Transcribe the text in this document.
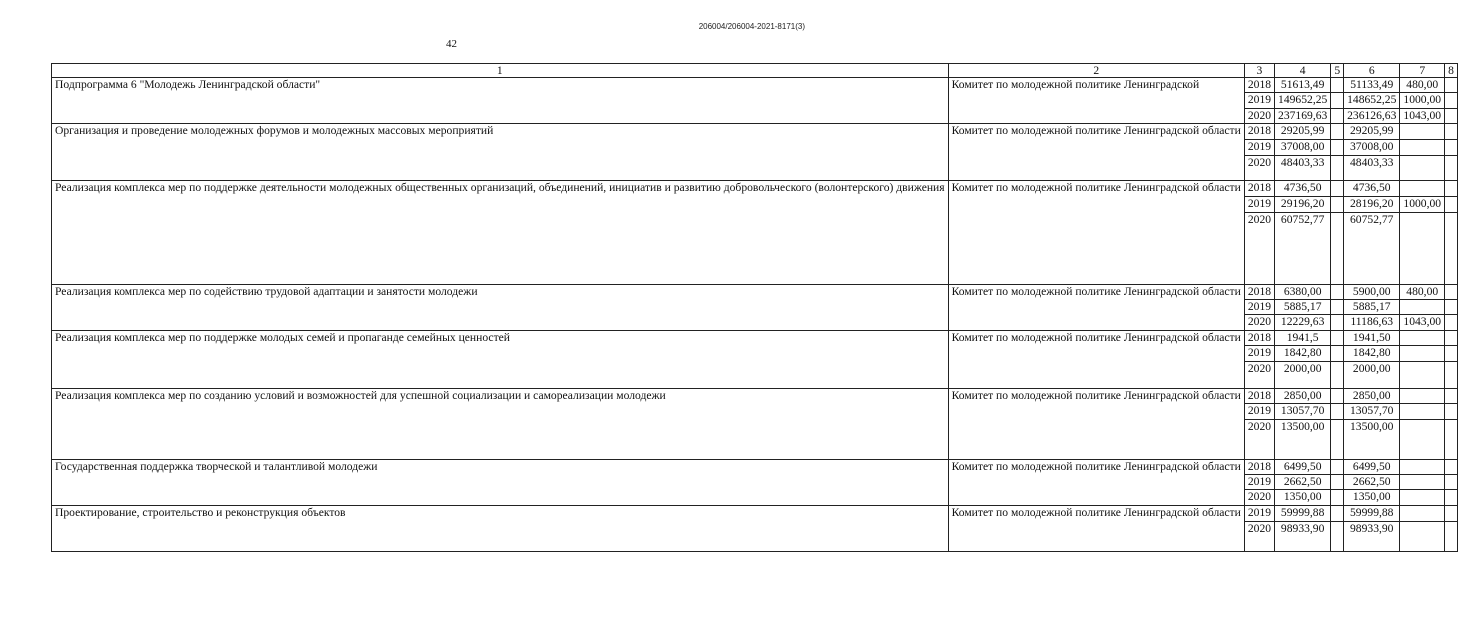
206004/206004-2021-8171(3)
42
1	2	3	4	5	6	7	8
Подпрограмма 6 "Молодежь Ленинградской области"	Комитет по молодежной политике Ленинградской	2018	51613,49		51133,49	480,00	
		2019	149652,25		148652,25	1000,00	
		2020	237169,63		236126,63	1043,00	
Организация и проведение молодежных форумов и молодежных массовых мероприятий	Комитет по молодежной политике Ленинградской области	2018	29205,99		29205,99		
		2019	37008,00		37008,00		
		2020	48403,33		48403,33		
Реализация комплекса мер по поддержке деятельности молодежных общественных организаций, объединений, инициатив и развитию добровольческого (волонтерского) движения	Комитет по молодежной политике Ленинградской области	2018	4736,50		4736,50		
		2019	29196,20		28196,20	1000,00	
		2020	60752,77		60752,77		
Реализация комплекса мер по содействию трудовой адаптации и занятости молодежи	Комитет по молодежной политике Ленинградской области	2018	6380,00		5900,00	480,00	
		2019	5885,17		5885,17		
		2020	12229,63		11186,63	1043,00	
Реализация комплекса мер по поддержке молодых семей и пропаганде семейных ценностей	Комитет по молодежной политике Ленинградской области	2018	1941,5		1941,50		
		2019	1842,80		1842,80		
		2020	2000,00		2000,00		
Реализация комплекса мер по созданию условий и возможностей для успешной социализации и самореализации молодежи	Комитет по молодежной политике Ленинградской области	2018	2850,00		2850,00		
		2019	13057,70		13057,70		
		2020	13500,00		13500,00		
Государственная поддержка творческой и талантливой молодежи	Комитет по молодежной политике Ленинградской области	2018	6499,50		6499,50		
		2019	2662,50		2662,50		
		2020	1350,00		1350,00		
Проектирование, строительство и реконструкция объектов	Комитет по молодежной политике Ленинградской области	2019	59999,88		59999,88		
		2020	98933,90		98933,90		
